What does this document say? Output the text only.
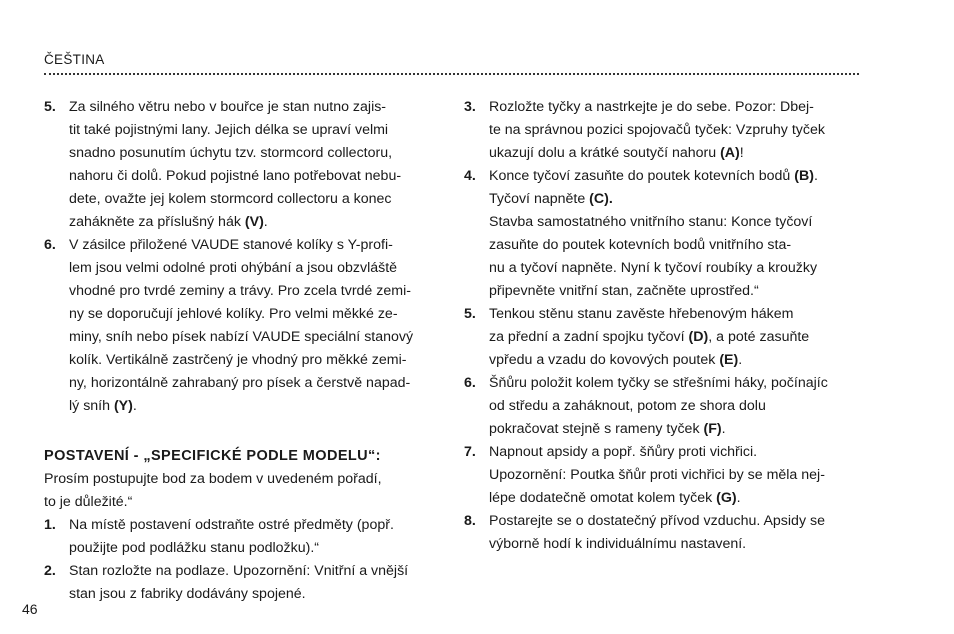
ČEŠTINA
5. Za silného větru nebo v bouřce je stan nutno zajis-
tit také pojistnými lany. Jejich délka se upraví velmi
snadno posunutím úchytu tzv. stormcord collectoru,
nahoru či dolů. Pokud pojistné lano potřebovat nebu-
dete, ovažte jej kolem stormcord collectoru a konec
zahákněte za příslušný hák (V).
6. V zásilce přiložené VAUDE stanové kolíky s Y-profi-
lem jsou velmi odolné proti ohýbání a jsou obzvláště
vhodné pro tvrdé zeminy a trávy. Pro zcela tvrdé zemi-
ny se doporučují jehlové kolíky. Pro velmi měkké ze-
miny, sníh nebo písek nabízí VAUDE speciální stanový
kolík. Vertikálně zastrčený je vhodný pro měkké zemi-
ny, horizontálně zahrabaný pro písek a čerstvě napad-
lý sníh (Y).
POSTAVENÍ - „SPECIFICKÉ PODLE MODELU“:
Prosím postupujte bod za bodem v uvedeném pořadí,
to je důležité.“
1. Na místě postavení odstraňte ostré předměty (popř.
použijte pod podlážku stanu podložku).“
2. Stan rozložte na podlaze. Upozornění: Vnitřní a vnější
stan jsou z fabriky dodávány spojené.
3. Rozložte tyčky a nastrkejte je do sebe. Pozor: Dbej-
te na správnou pozici spojovačů tyček: Vzpruhy tyček
ukazují dolu a krátké soutyčí nahoru (A)!
4. Konce tyčoví zasuňte do poutek kotevních bodů (B).
Tyčoví napněte (C).
Stavba samostatného vnitřního stanu: Konce tyčoví
zasuňte do poutek kotevních bodů vnitřního sta-
nu a tyčoví napněte. Nyní k tyčoví roubíky a kroužky
připevněte vnitřní stan, začněte uprostřed.“
5. Tenkou stěnu stanu zavěste hřebenovým hákem
za přední a zadní spojku tyčoví (D), a poté zasuňte
vpředu a vzadu do kovových poutek (E).
6. Šňůru položit kolem tyčky se střešními háky, počínajíc
od středu a zaháknout, potom ze shora dolu
pokračovat stejně s rameny tyček (F).
7. Napnout apsidy a popř. šňůry proti vichřici.
Upozornění: Poutka šňůr proti vichřici by se měla nej-
lépe dodatečně omotat kolem tyček (G).
8. Postarejte se o dostatečný přívod vzduchu. Apsidy se
výborně hodí k individuálnímu nastavení.
46
